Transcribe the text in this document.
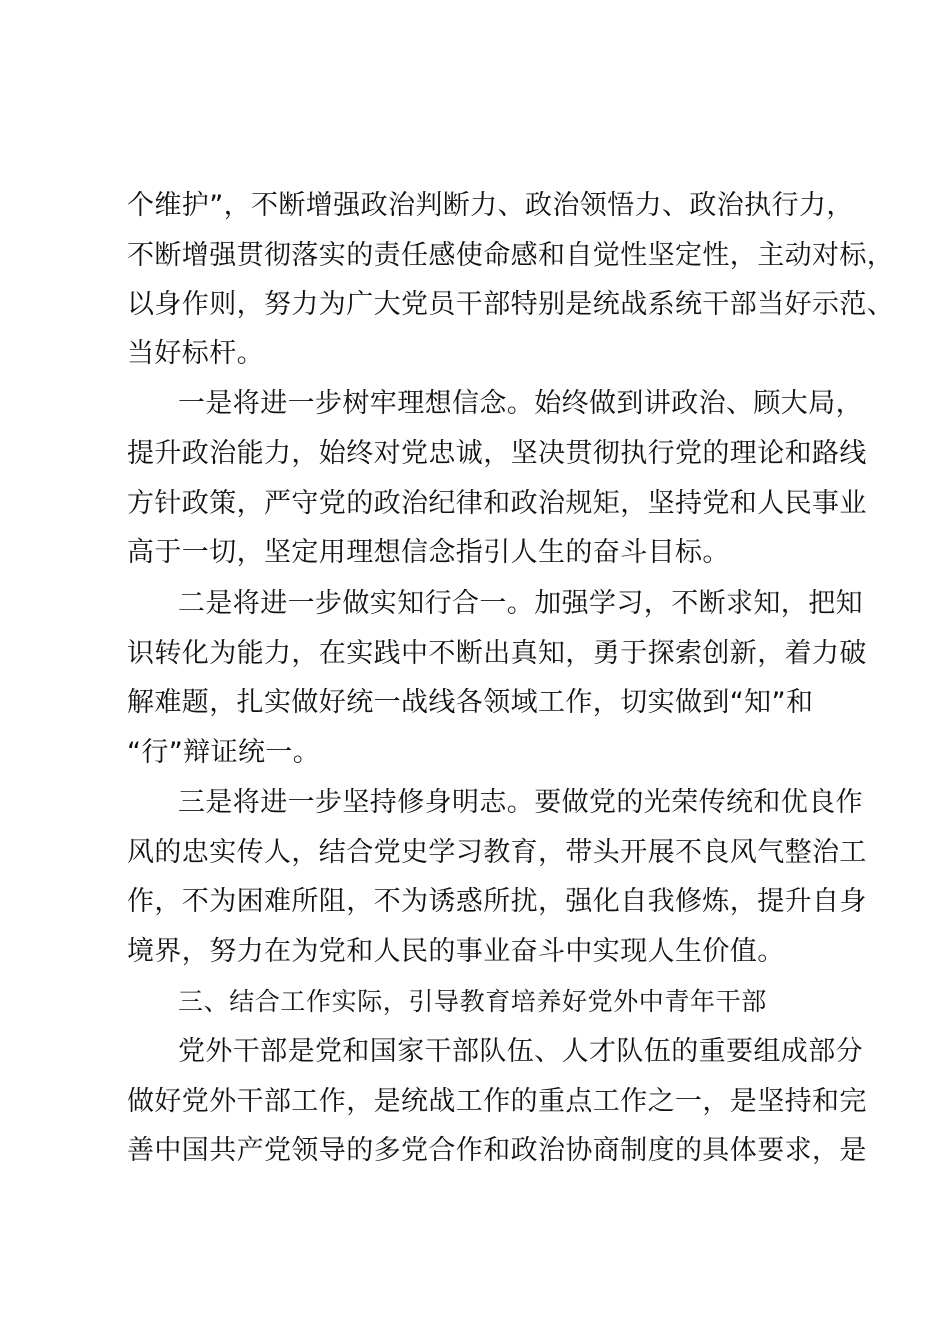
个维护”，不断增强政治判断力、政治领悟力、政治执行力，
不断增强贯彻落实的责任感使命感和自觉性坚定性，主动对标，
以身作则，努力为广大党员干部特别是统战系统干部当好示范、
当好标杆。
一是将进一步树牢理想信念。始终做到讲政治、顾大局，
提升政治能力，始终对党忠诚，坚决贯彻执行党的理论和路线
方针政策，严守党的政治纪律和政治规矩，坚持党和人民事业
高于一切，坚定用理想信念指引人生的奋斗目标。
二是将进一步做实知行合一。加强学习，不断求知，把知
识转化为能力，在实践中不断出真知，勇于探索创新，着力破
解难题，扎实做好统一战线各领域工作，切实做到“知”和
“行”辩证统一。
三是将进一步坚持修身明志。要做党的光荣传统和优良作
风的忠实传人，结合党史学习教育，带头开展不良风气整治工
作，不为困难所阻，不为诱惑所扰，强化自我修炼，提升自身
境界，努力在为党和人民的事业奋斗中实现人生价值。
三、结合工作实际，引导教育培养好党外中青年干部
党外干部是党和国家干部队伍、人才队伍的重要组成部分
做好党外干部工作，是统战工作的重点工作之一，是坚持和完
善中国共产党领导的多党合作和政治协商制度的具体要求，是
